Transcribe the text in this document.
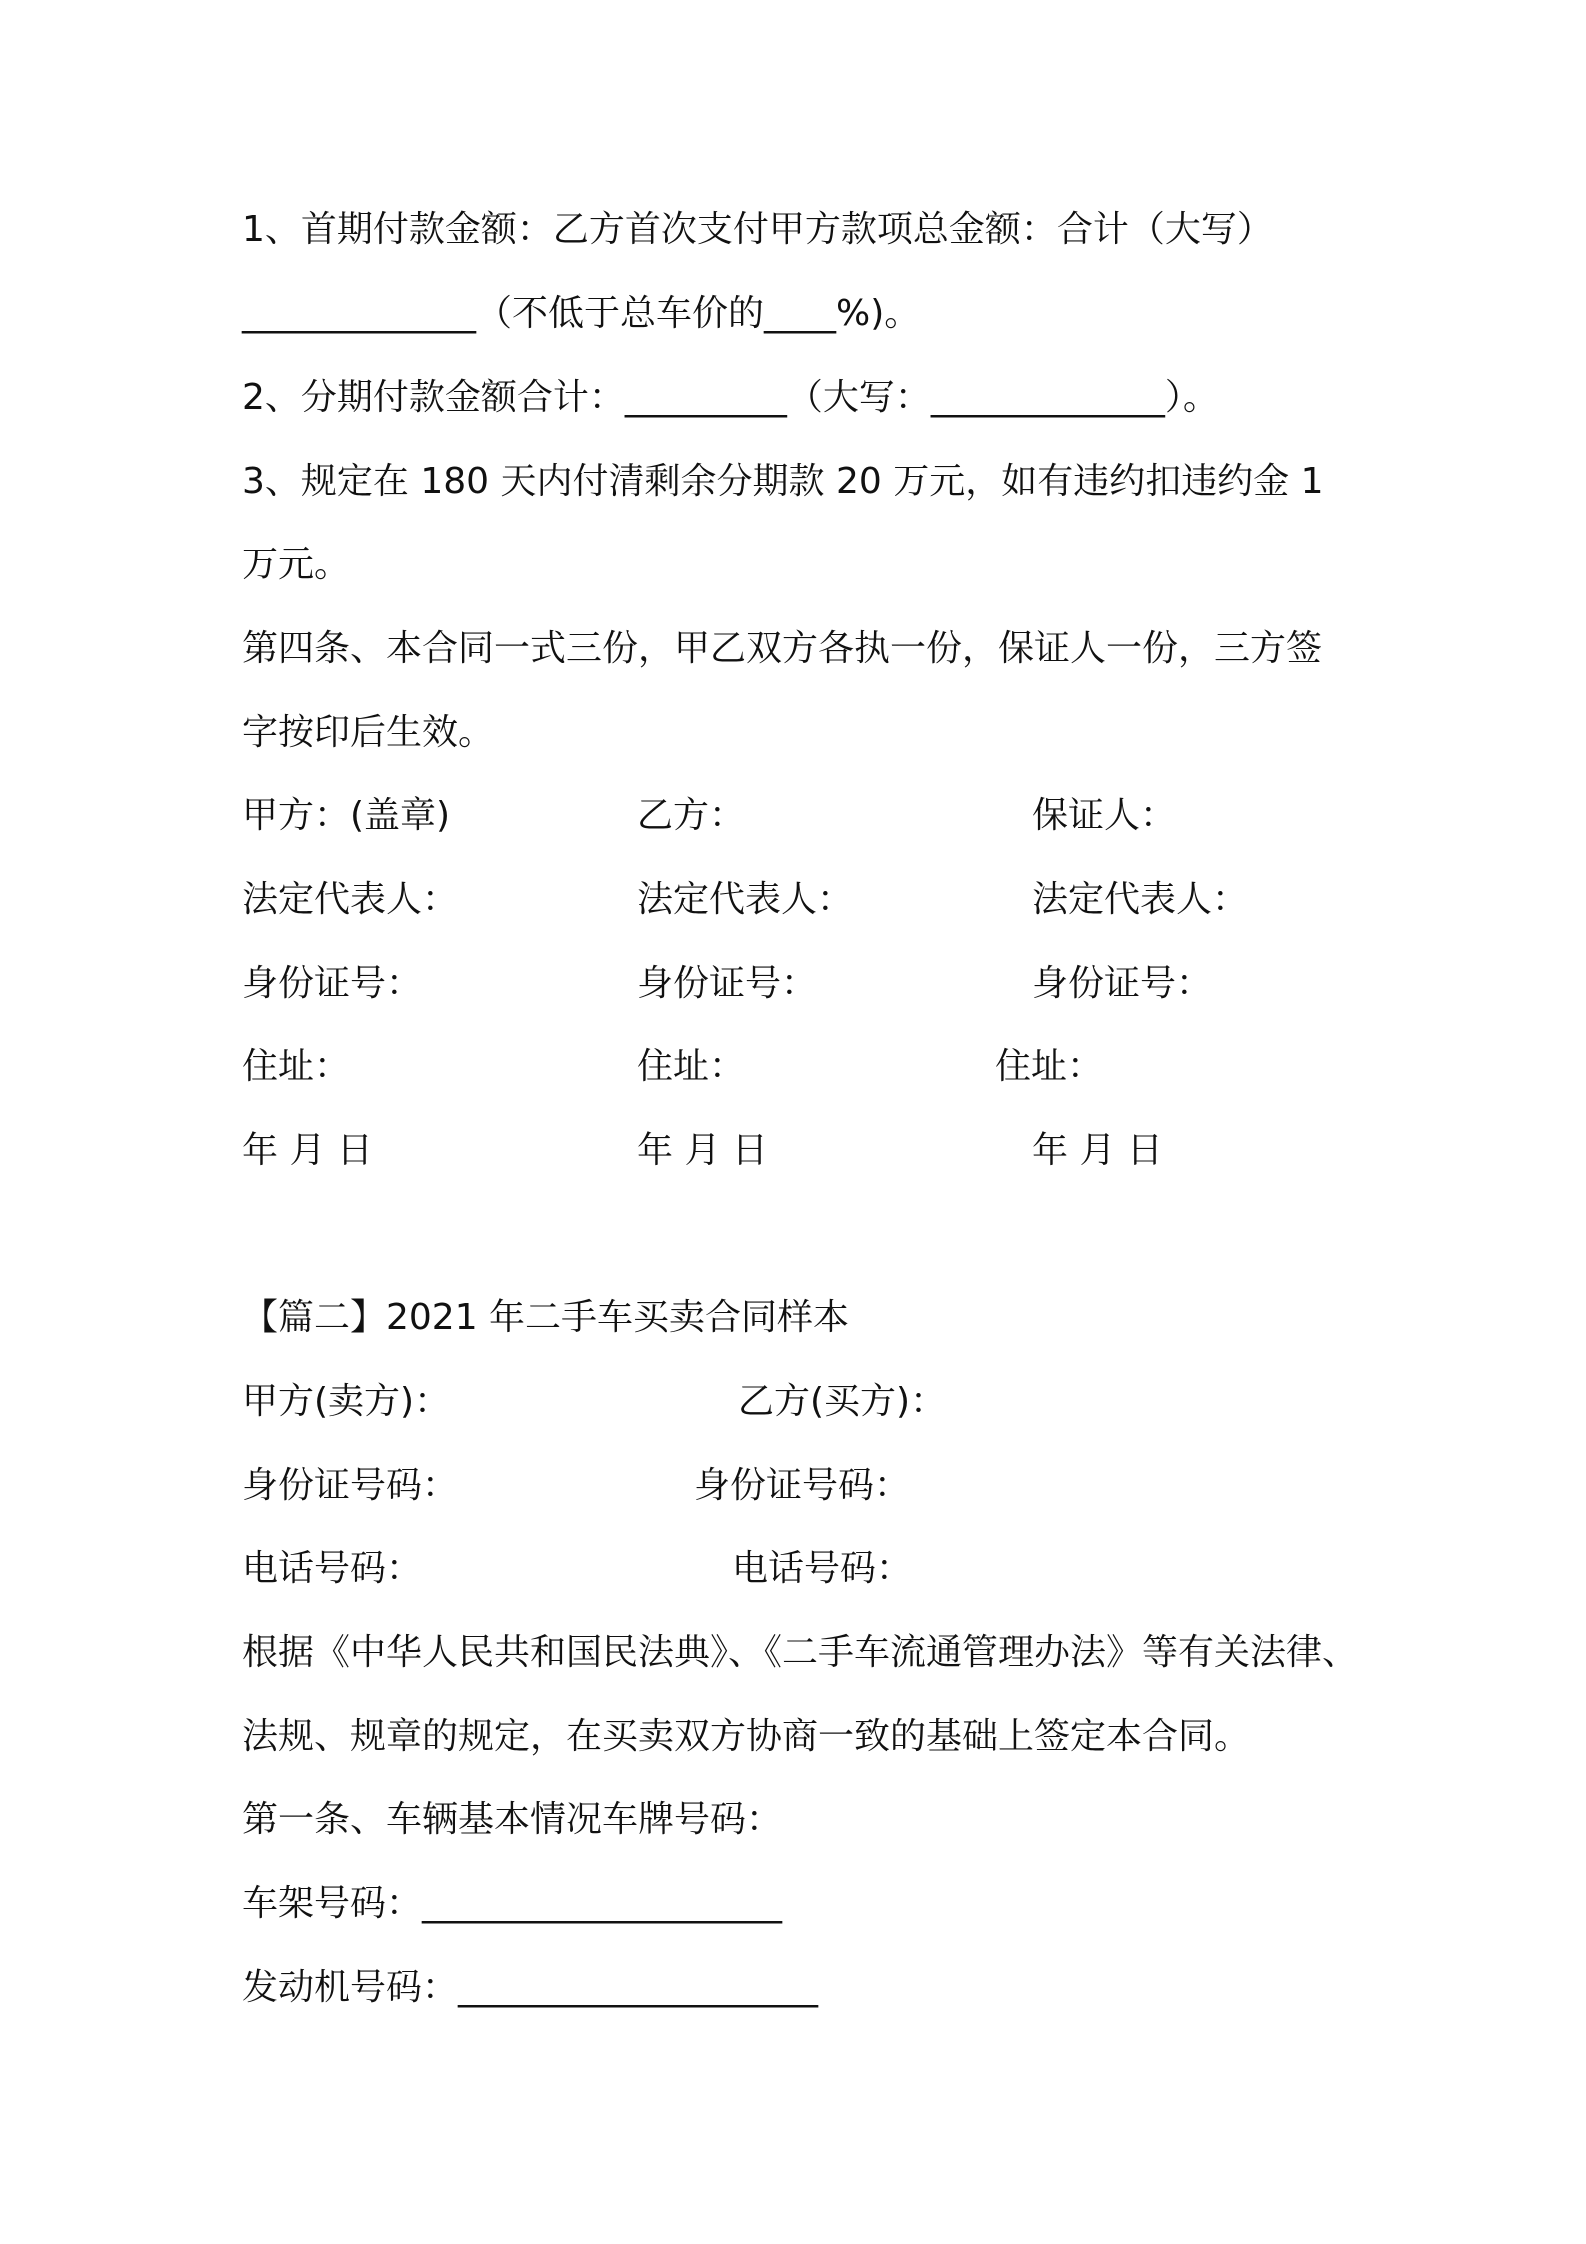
1、首期付款金额：乙方首次支付甲方款项总金额：合计（大写）
_____________（不低于总车价的____%)。
2、分期付款金额合计：_________（大写：_____________）。
3、规定在 180 天内付清剩余分期款 20 万元，如有违约扣违约金 1
万元。
第四条、本合同一式三份，甲乙双方各执一份，保证人一份，三方签
字按印后生效。
甲方：(盖章)	乙方：	保证人：
法定代表人：	法定代表人：	法定代表人：
身份证号：	身份证号：	身份证号：
住址：	住址：	住址：
年 月 日	年 月 日	年 月 日
【篇二】2021 年二手车买卖合同样本
甲方(卖方)：	乙方(买方)：
身份证号码：	身份证号码：
电话号码：	电话号码：
根据《中华人民共和国民法典》、《二手车流通管理办法》等有关法律、
法规、规章的规定，在买卖双方协商一致的基础上签定本合同。
第一条、车辆基本情况车牌号码：
车架号码：____________________
发动机号码：____________________
